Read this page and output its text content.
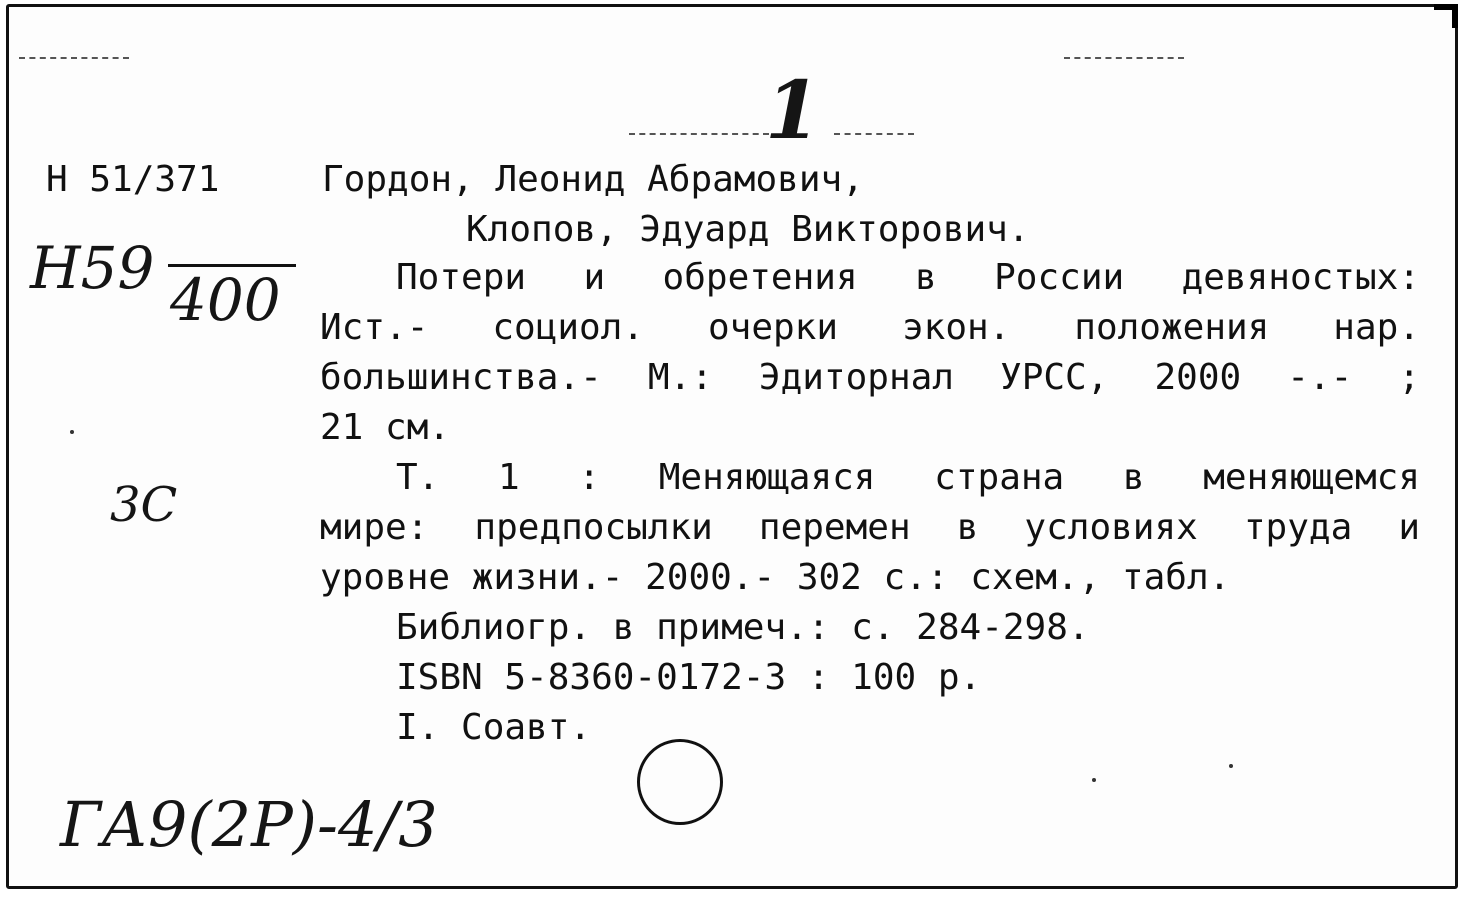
1
Н 51/371
Н59 400
3С
Гордон, Леонид Абрамович,
Клопов, Эдуард Викторович.
Потери и обретения в России девяностых:
Ист.- социол. очерки экон. положения нар.
большинства.- М.: Эдиторнал УРСС, 2000 -.- ;
21 см.
Т. 1 : Меняющаяся страна в меняющемся
мире: предпосылки перемен в условиях труда и
уровне жизни.- 2000.- 302 с.: схем., табл.
Библиогр. в примеч.: с. 284-298.
ISBN 5-8360-0172-3 : 100 р.
I. Соавт.
ГА9(2Р)-4/3
